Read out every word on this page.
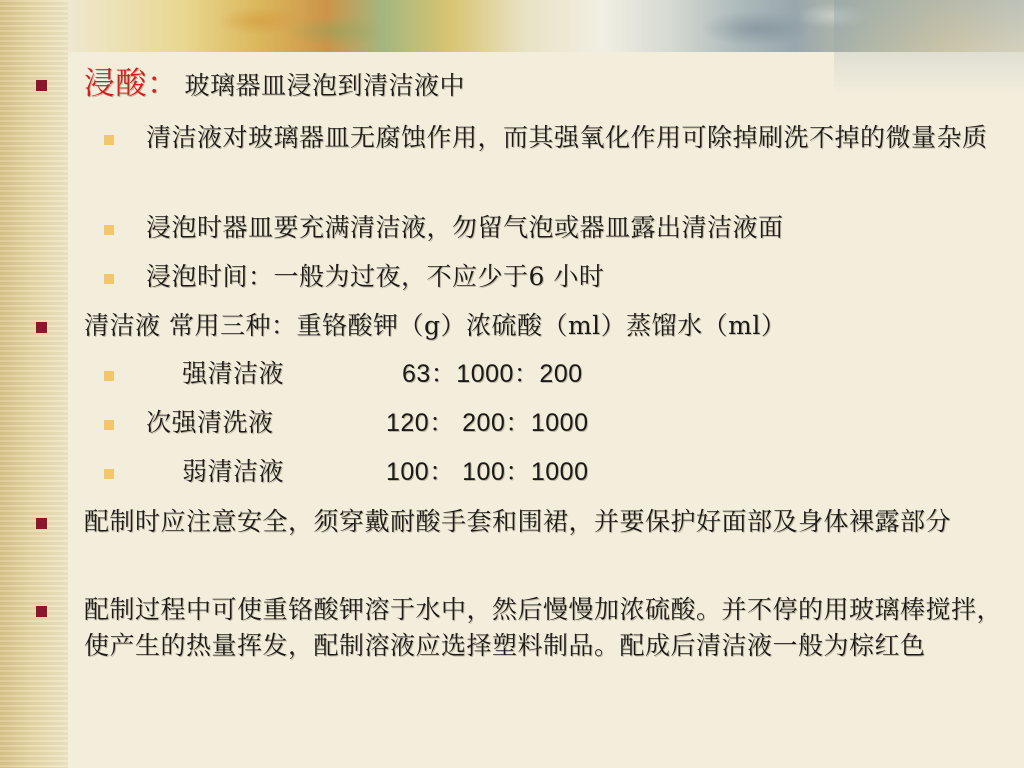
浸酸： 玻璃器皿浸泡到清洁液中
清洁液对玻璃器皿无腐蚀作用，而其强氧化作用可除掉刷洗不掉的微量杂质
浸泡时器皿要充满清洁液，勿留气泡或器皿露出清洁液面
浸泡时间：一般为过夜，不应少于6 小时
清洁液 常用三种：重铬酸钾（g）浓硫酸（ml）蒸馏水（ml）
强清洁液	63：1000：200
次强清洗液	120： 200：1000
弱清洁液	100： 100：1000
配制时应注意安全，须穿戴耐酸手套和围裙，并要保护好面部及身体裸露部分
配制过程中可使重铬酸钾溶于水中，然后慢慢加浓硫酸。并不停的用玻璃棒搅拌，使产生的热量挥发，配制溶液应选择塑料制品。配成后清洁液一般为棕红色
